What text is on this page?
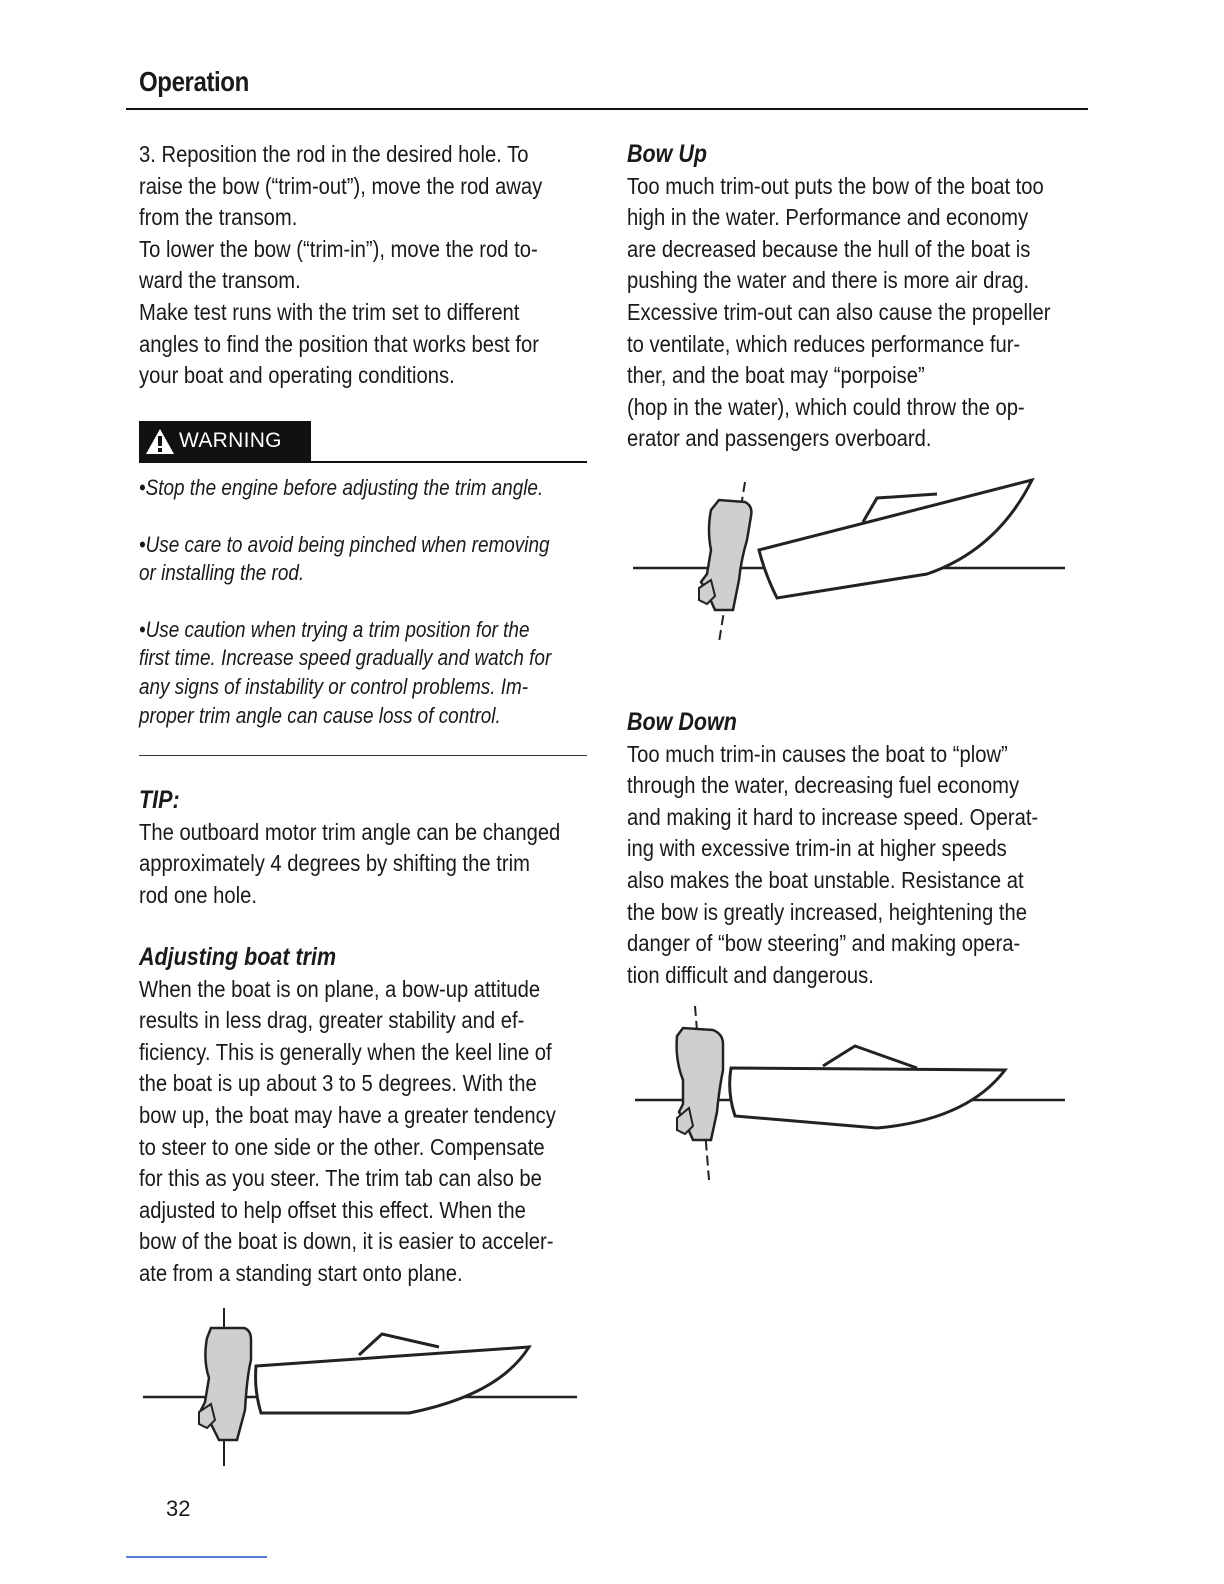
Operation

3. Reposition the rod in the desired hole. To
raise the bow (“trim-out”), move the rod away
from the transom.
To lower the bow (“trim-in”), move the rod to-
ward the transom.
Make test runs with the trim set to different
angles to find the position that works best for
your boat and operating conditions.

WARNING

•Stop the engine before adjusting the trim angle.

•Use care to avoid being pinched when removing
or installing the rod.

•Use caution when trying a trim position for the
first time. Increase speed gradually and watch for
any signs of instability or control problems. Im-
proper trim angle can cause loss of control.

TIP:

The outboard motor trim angle can be changed
approximately 4 degrees by shifting the trim
rod one hole.

Adjusting boat trim

When the boat is on plane, a bow-up attitude
results in less drag, greater stability and ef-
ficiency. This is generally when the keel line of
the boat is up about 3 to 5 degrees. With the
bow up, the boat may have a greater tendency
to steer to one side or the other. Compensate
for this as you steer. The trim tab can also be
adjusted to help offset this effect. When the
bow of the boat is down, it is easier to acceler-
ate from a standing start onto plane.

Bow Up

Too much trim-out puts the bow of the boat too
high in the water. Performance and economy
are decreased because the hull of the boat is
pushing the water and there is more air drag.
Excessive trim-out can also cause the propeller
to ventilate, which reduces performance fur-
ther, and the boat may “porpoise”
(hop in the water), which could throw the op-
erator and passengers overboard.

Bow Down

Too much trim-in causes the boat to “plow”
through the water, decreasing fuel economy
and making it hard to increase speed. Operat-
ing with excessive trim-in at higher speeds
also makes the boat unstable. Resistance at
the bow is greatly increased, heightening the
danger of “bow steering” and making opera-
tion difficult and dangerous.

32
